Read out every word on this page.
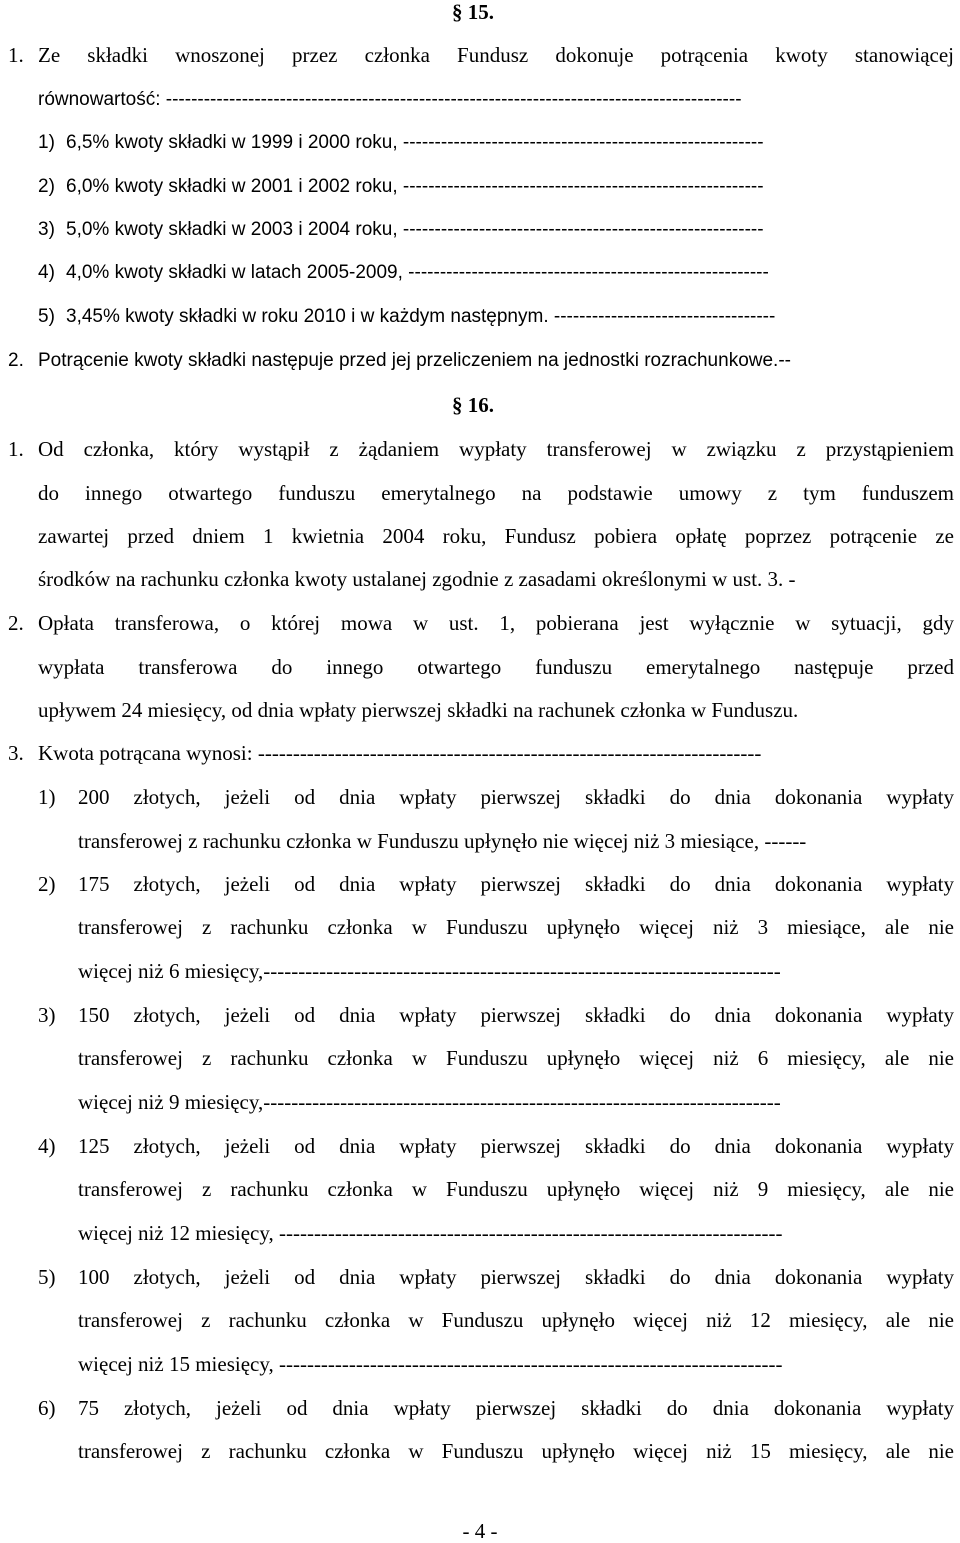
§ 15.
1. Ze składki wnoszonej przez członka Fundusz dokonuje potrącenia kwoty stanowiącej
równowartość: -------------------------------------------------------------------------------------------
1) 6,5% kwoty składki w 1999 i 2000 roku, ---------------------------------------------------------
2) 6,0% kwoty składki w 2001 i 2002 roku, ---------------------------------------------------------
3) 5,0% kwoty składki w 2003 i 2004 roku, ---------------------------------------------------------
4) 4,0% kwoty składki w latach 2005-2009, ---------------------------------------------------------
5) 3,45% kwoty składki w roku 2010 i w każdym następnym. -----------------------------------
2. Potrącenie kwoty składki następuje przed jej przeliczeniem na jednostki rozrachunkowe.--
§ 16.
1. Od członka, który wystąpił z żądaniem wypłaty transferowej w związku z przystąpieniem
do innego otwartego funduszu emerytalnego na podstawie umowy z tym funduszem
zawartej przed dniem 1 kwietnia 2004 roku, Fundusz pobiera opłatę poprzez potrącenie ze
środków na rachunku członka kwoty ustalanej zgodnie z zasadami określonymi w ust. 3. -
2. Opłata transferowa, o której mowa w ust. 1, pobierana jest wyłącznie w sytuacji, gdy
wypłata transferowa do innego otwartego funduszu emerytalnego następuje przed
upływem 24 miesięcy, od dnia wpłaty pierwszej składki na rachunek członka w Funduszu.
3. Kwota potrącana wynosi: ------------------------------------------------------------------------
1) 200 złotych, jeżeli od dnia wpłaty pierwszej składki do dnia dokonania wypłaty
transferowej z rachunku członka w Funduszu upłynęło nie więcej niż 3 miesiące, ------
2) 175 złotych, jeżeli od dnia wpłaty pierwszej składki do dnia dokonania wypłaty
transferowej z rachunku członka w Funduszu upłynęło więcej niż 3 miesiące, ale nie
więcej niż 6 miesięcy,--------------------------------------------------------------------------
3) 150 złotych, jeżeli od dnia wpłaty pierwszej składki do dnia dokonania wypłaty
transferowej z rachunku członka w Funduszu upłynęło więcej niż 6 miesięcy, ale nie
więcej niż 9 miesięcy,--------------------------------------------------------------------------
4) 125 złotych, jeżeli od dnia wpłaty pierwszej składki do dnia dokonania wypłaty
transferowej z rachunku członka w Funduszu upłynęło więcej niż 9 miesięcy, ale nie
więcej niż 12 miesięcy, ------------------------------------------------------------------------
5) 100 złotych, jeżeli od dnia wpłaty pierwszej składki do dnia dokonania wypłaty
transferowej z rachunku członka w Funduszu upłynęło więcej niż 12 miesięcy, ale nie
więcej niż 15 miesięcy, ------------------------------------------------------------------------
6) 75 złotych, jeżeli od dnia wpłaty pierwszej składki do dnia dokonania wypłaty
transferowej z rachunku członka w Funduszu upłynęło więcej niż 15 miesięcy, ale nie
- 4 -
